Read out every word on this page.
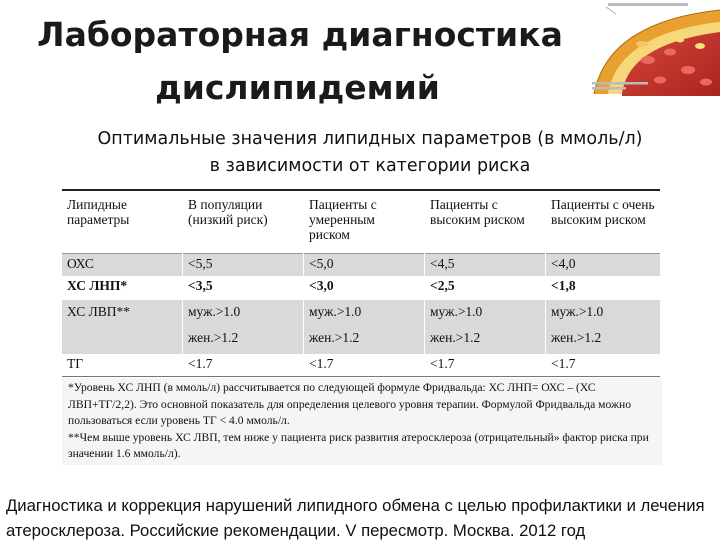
Лабораторная диагностика

дислипидемий
Оптимальные значения липидных параметров (в ммоль/л)
в зависимости от категории риска
Липидные параметры	В популяции (низкий риск)	Пациенты с умеренным риском	Пациенты с высоким риском	Пациенты с очень высоким риском
ОХС	<5,5	<5,0	<4,5	<4,0
ХС ЛНП*	<3,5	<3,0	<2,5	<1,8
ХС ЛВП**	муж.>1.0	муж.>1.0	муж.>1.0	муж.>1.0
	жен.>1.2	жен.>1.2	жен.>1.2	жен.>1.2
ТГ	<1.7	<1.7	<1.7	<1.7

*Уровень ХС ЛНП (в ммоль/л) рассчитывается по следующей формуле Фридвальда: ХС ЛНП= ОХС – (ХС ЛВП+ТГ/2,2). Это основной показатель для определения целевого уровня терапии. Формулой Фридвальда можно пользоваться если уровень ТГ < 4.0 ммоль/л.

**Чем выше уровень ХС ЛВП, тем ниже у пациента риск развития атеросклероза (отрицательный» фактор риска при значении 1.6 ммоль/л).

Диагностика и коррекция нарушений липидного обмена с целью профилактики и лечения атеросклероза. Российские рекомендации. V пересмотр. Москва. 2012 год
